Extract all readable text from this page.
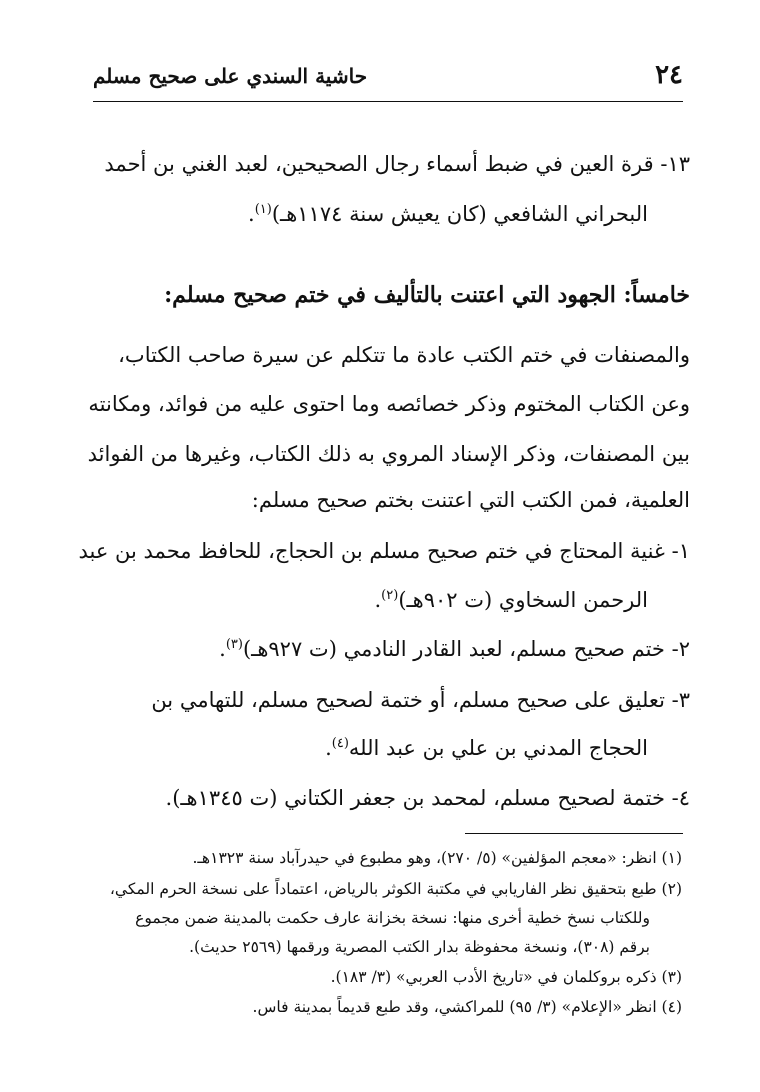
٢٤
حاشية السندي على صحيح مسلم
١٣- قرة العين في ضبط أسماء رجال الصحيحين، لعبد الغني بن أحمد
البحراني الشافعي (كان يعيش سنة ١١٧٤هـ)$^{(١)}$.
خامساً: الجهود التي اعتنت بالتأليف في ختم صحيح مسلم:
والمصنفات في ختم الكتب عادة ما تتكلم عن سيرة صاحب الكتاب،
وعن الكتاب المختوم وذكر خصائصه وما احتوى عليه من فوائد، ومكانته
بين المصنفات، وذكر الإسناد المروي به ذلك الكتاب، وغيرها من الفوائد
العلمية، فمن الكتب التي اعتنت بختم صحيح مسلم:
١- غنية المحتاج في ختم صحيح مسلم بن الحجاج، للحافظ محمد بن عبد
الرحمن السخاوي (ت ٩٠٢هـ)$^{(٢)}$.
٢- ختم صحيح مسلم، لعبد القادر النادمي (ت ٩٢٧هـ)$^{(٣)}$.
٣- تعليق على صحيح مسلم، أو ختمة لصحيح مسلم، للتهامي بن
الحجاج المدني بن علي بن عبد الله$^{(٤)}$.
٤- ختمة لصحيح مسلم، لمحمد بن جعفر الكتاني (ت ١٣٤٥هـ).
(١) انظر: «معجم المؤلفين» (٥/ ٢٧٠)، وهو مطبوع في حيدرآباد سنة ١٣٢٣هـ.
(٢) طبع بتحقيق نظر الفاريابي في مكتبة الكوثر بالرياض، اعتماداً على نسخة الحرم المكي،
وللكتاب نسخ خطية أخرى منها: نسخة بخزانة عارف حكمت بالمدينة ضمن مجموع
برقم (٣٠٨)، ونسخة محفوظة بدار الكتب المصرية ورقمها (٢٥٦٩ حديث).
(٣) ذكره بروكلمان في «تاريخ الأدب العربي» (٣/ ١٨٣).
(٤) انظر «الإعلام» (٣/ ٩٥) للمراكشي، وقد طبع قديماً بمدينة فاس.
